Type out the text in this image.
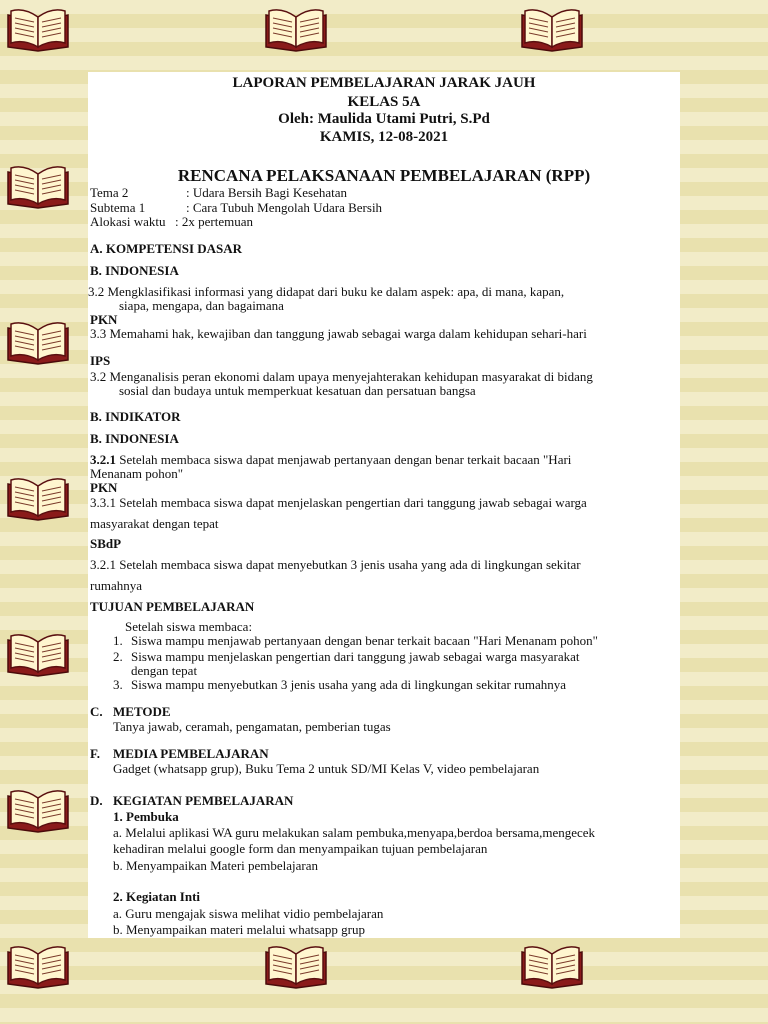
LAPORAN PEMBELAJARAN JARAK JAUH
KELAS 5A
Oleh: Maulida Utami Putri, S.Pd
KAMIS, 12-08-2021
RENCANA PELAKSANAAN PEMBELAJARAN (RPP)
Tema 2	: Udara Bersih Bagi Kesehatan
Subtema 1	: Cara Tubuh Mengolah Udara Bersih
Alokasi waktu : 2x pertemuan
A. KOMPETENSI DASAR
B. INDONESIA
3.2 Mengklasifikasi informasi yang didapat dari buku ke dalam aspek: apa, di mana, kapan,
siapa, mengapa, dan bagaimana
PKN
3.3 Memahami hak, kewajiban dan tanggung jawab sebagai warga dalam kehidupan sehari-hari
IPS
3.2 Menganalisis peran ekonomi dalam upaya menyejahterakan kehidupan masyarakat di bidang
sosial dan budaya untuk memperkuat kesatuan dan persatuan bangsa
B. INDIKATOR
B. INDONESIA
3.2.1 Setelah membaca siswa dapat menjawab pertanyaan dengan benar terkait bacaan "Hari
Menanam pohon"
PKN
3.3.1 Setelah membaca siswa dapat menjelaskan pengertian dari tanggung jawab sebagai warga
masyarakat dengan tepat
SBdP
3.2.1 Setelah membaca siswa dapat menyebutkan 3 jenis usaha yang ada di lingkungan sekitar
rumahnya
TUJUAN PEMBELAJARAN
Setelah siswa membaca:
1. Siswa mampu menjawab pertanyaan dengan benar terkait bacaan "Hari Menanam pohon"
2. Siswa mampu menjelaskan pengertian dari tanggung jawab sebagai warga masyarakat
dengan tepat
3. Siswa mampu menyebutkan 3 jenis usaha yang ada di lingkungan sekitar rumahnya
C. METODE
Tanya jawab, ceramah, pengamatan, pemberian tugas
F. MEDIA PEMBELAJARAN
Gadget (whatsapp grup), Buku Tema 2 untuk SD/MI Kelas V, video pembelajaran
D. KEGIATAN PEMBELAJARAN
1. Pembuka
a. Melalui aplikasi WA guru melakukan salam pembuka,menyapa,berdoa bersama,mengecek
kehadiran melalui google form dan menyampaikan tujuan pembelajaran
b. Menyampaikan Materi pembelajaran
2. Kegiatan Inti
a. Guru mengajak siswa melihat vidio pembelajaran
b. Menyampaikan materi melalui whatsapp grup
